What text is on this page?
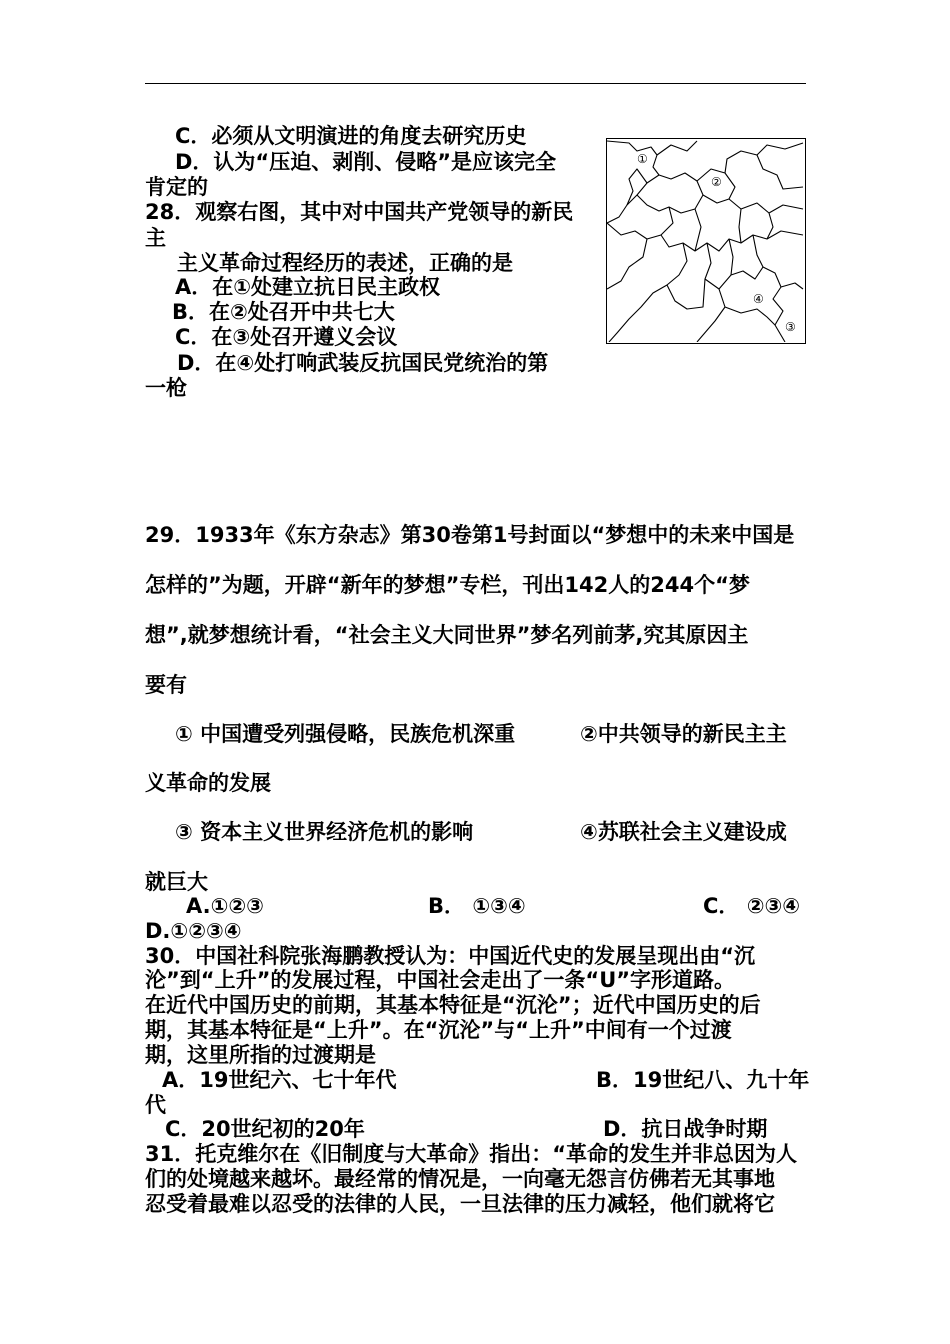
C．必须从文明演进的角度去研究历史
D．认为“压迫、剥削、侵略”是应该完全
肯定的
28．观察右图，其中对中国共产党领导的新民
主
主义革命过程经历的表述，正确的是
A．在①处建立抗日民主政权
B．在②处召开中共七大
C．在③处召开遵义会议
D．在④处打响武装反抗国民党统治的第
一枪
①
②
④
③
29．1933年《东方杂志》第30卷第1号封面以“梦想中的未来中国是
怎样的”为题，开辟“新年的梦想”专栏，刊出142人的244个“梦
想”,就梦想统计看，“社会主义大同世界”梦名列前茅,究其原因主
要有
① 中国遭受列强侵略，民族危机深重	②中共领导的新民主主
义革命的发展
③ 资本主义世界经济危机的影响	④苏联社会主义建设成
就巨大
A.①②③	B． ①③④	C． ②③④
D.①②③④
30．中国社科院张海鹏教授认为：中国近代史的发展呈现出由“沉
沦”到“上升”的发展过程，中国社会走出了一条“U”字形道路。
在近代中国历史的前期，其基本特征是“沉沦”；近代中国历史的后
期，其基本特征是“上升”。在“沉沦”与“上升”中间有一个过渡
期，这里所指的过渡期是
A．19世纪六、七十年代	B．19世纪八、九十年
代
C．20世纪初的20年	D．抗日战争时期
31．托克维尔在《旧制度与大革命》指出：“革命的发生并非总因为人
们的处境越来越坏。最经常的情况是，一向毫无怨言仿佛若无其事地
忍受着最难以忍受的法律的人民，一旦法律的压力减轻，他们就将它
